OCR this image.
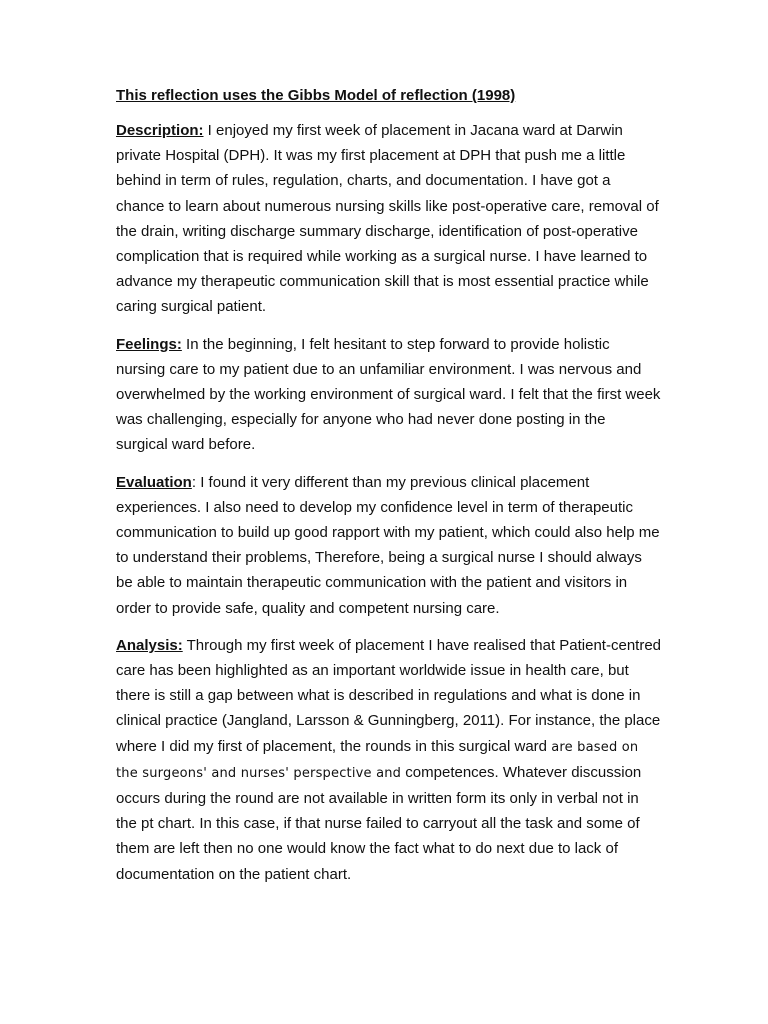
This reflection uses the Gibbs Model of reflection (1998)

Description: I enjoyed my first week of placement in Jacana ward at Darwin private Hospital (DPH). It was my first placement at DPH that push me a little behind in term of rules, regulation, charts, and documentation. I have got a chance to learn about numerous nursing skills like post-operative care, removal of the drain, writing discharge summary discharge, identification of post-operative complication that is required while working as a surgical nurse. I have learned to advance my therapeutic communication skill that is most essential practice while caring surgical patient.

Feelings: In the beginning, I felt hesitant to step forward to provide holistic nursing care to my patient due to an unfamiliar environment. I was nervous and overwhelmed by the working environment of surgical ward. I felt that the first week was challenging, especially for anyone who had never done posting in the surgical ward before.

Evaluation: I found it very different than my previous clinical placement experiences. I also need to develop my confidence level in term of therapeutic communication to build up good rapport with my patient, which could also help me to understand their problems, Therefore, being a surgical nurse I should always be able to maintain therapeutic communication with the patient and visitors in order to provide safe, quality and competent nursing care.

Analysis: Through my first week of placement I have realised that Patient-centred care has been highlighted as an important worldwide issue in health care, but there is still a gap between what is described in regulations and what is done in clinical practice (Jangland, Larsson & Gunningberg, 2011). For instance, the place where I did my first of placement, the rounds in this surgical ward are based on the surgeons' and nurses' perspective and competences. Whatever discussion occurs during the round are not available in written form its only in verbal not in the pt chart. In this case, if that nurse failed to carryout all the task and some of them are left then no one would know the fact what to do next due to lack of documentation on the patient chart.
